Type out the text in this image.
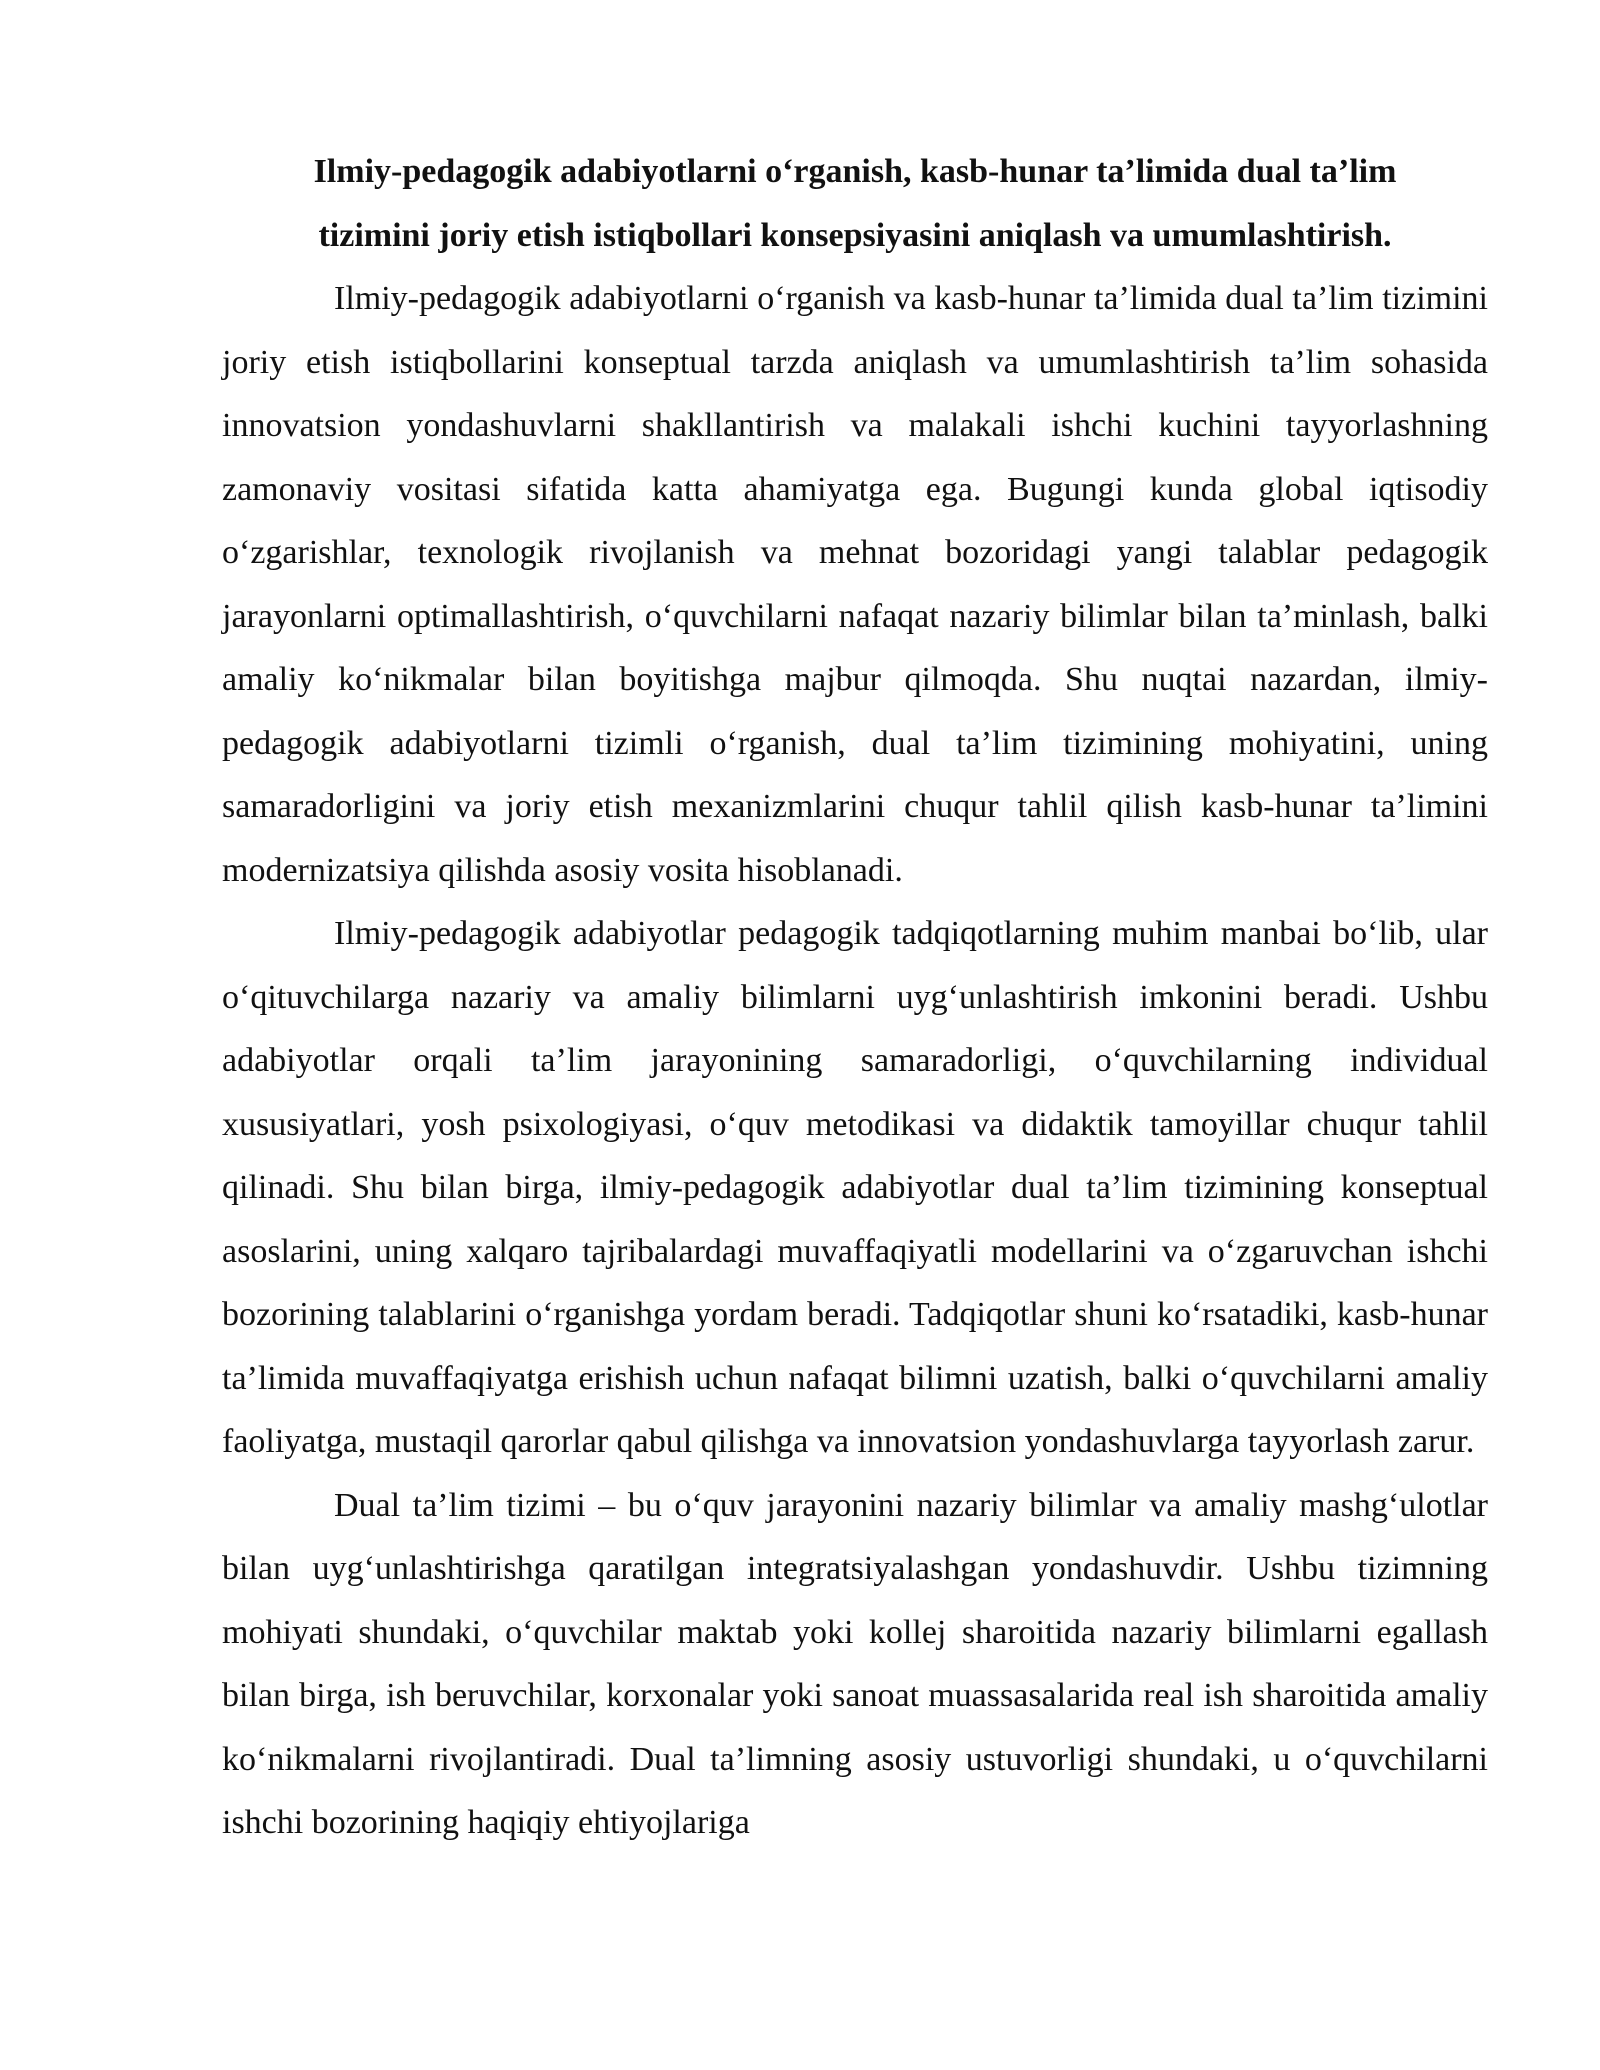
Ilmiy-pedagogik adabiyotlarni o‘rganish, kasb-hunar ta’limida dual ta’lim
tizimini joriy etish istiqbollari konsepsiyasini aniqlash va umumlashtirish.

Ilmiy-pedagogik adabiyotlarni o‘rganish va kasb-hunar ta’limida dual ta’lim tizimini joriy etish istiqbollarini konseptual tarzda aniqlash va umumlashtirish ta’lim sohasida innovatsion yondashuvlarni shakllantirish va malakali ishchi kuchini tayyorlashning zamonaviy vositasi sifatida katta ahamiyatga ega. Bugungi kunda global iqtisodiy o‘zgarishlar, texnologik rivojlanish va mehnat bozoridagi yangi talablar pedagogik jarayonlarni optimallashtirish, o‘quvchilarni nafaqat nazariy bilimlar bilan ta’minlash, balki amaliy ko‘nikmalar bilan boyitishga majbur qilmoqda. Shu nuqtai nazardan, ilmiy-pedagogik adabiyotlarni tizimli o‘rganish, dual ta’lim tizimining mohiyatini, uning samaradorligini va joriy etish mexanizmlarini chuqur tahlil qilish kasb-hunar ta’limini modernizatsiya qilishda asosiy vosita hisoblanadi.

Ilmiy-pedagogik adabiyotlar pedagogik tadqiqotlarning muhim manbai bo‘lib, ular o‘qituvchilarga nazariy va amaliy bilimlarni uyg‘unlashtirish imkonini beradi. Ushbu adabiyotlar orqali ta’lim jarayonining samaradorligi, o‘quvchilarning individual xususiyatlari, yosh psixologiyasi, o‘quv metodikasi va didaktik tamoyillar chuqur tahlil qilinadi. Shu bilan birga, ilmiy-pedagogik adabiyotlar dual ta’lim tizimining konseptual asoslarini, uning xalqaro tajribalardagi muvaffaqiyatli modellarini va o‘zgaruvchan ishchi bozorining talablarini o‘rganishga yordam beradi. Tadqiqotlar shuni ko‘rsatadiki, kasb-hunar ta’limida muvaffaqiyatga erishish uchun nafaqat bilimni uzatish, balki o‘quvchilarni amaliy faoliyatga, mustaqil qarorlar qabul qilishga va innovatsion yondashuvlarga tayyorlash zarur.

Dual ta’lim tizimi – bu o‘quv jarayonini nazariy bilimlar va amaliy mashg‘ulotlar bilan uyg‘unlashtirishga qaratilgan integratsiyalashgan yondashuvdir. Ushbu tizimning mohiyati shundaki, o‘quvchilar maktab yoki kollej sharoitida nazariy bilimlarni egallash bilan birga, ish beruvchilar, korxonalar yoki sanoat muassasalarida real ish sharoitida amaliy ko‘nikmalarni rivojlantiradi. Dual ta’limning asosiy ustuvorligi shundaki, u o‘quvchilarni ishchi bozorining haqiqiy ehtiyojlariga
